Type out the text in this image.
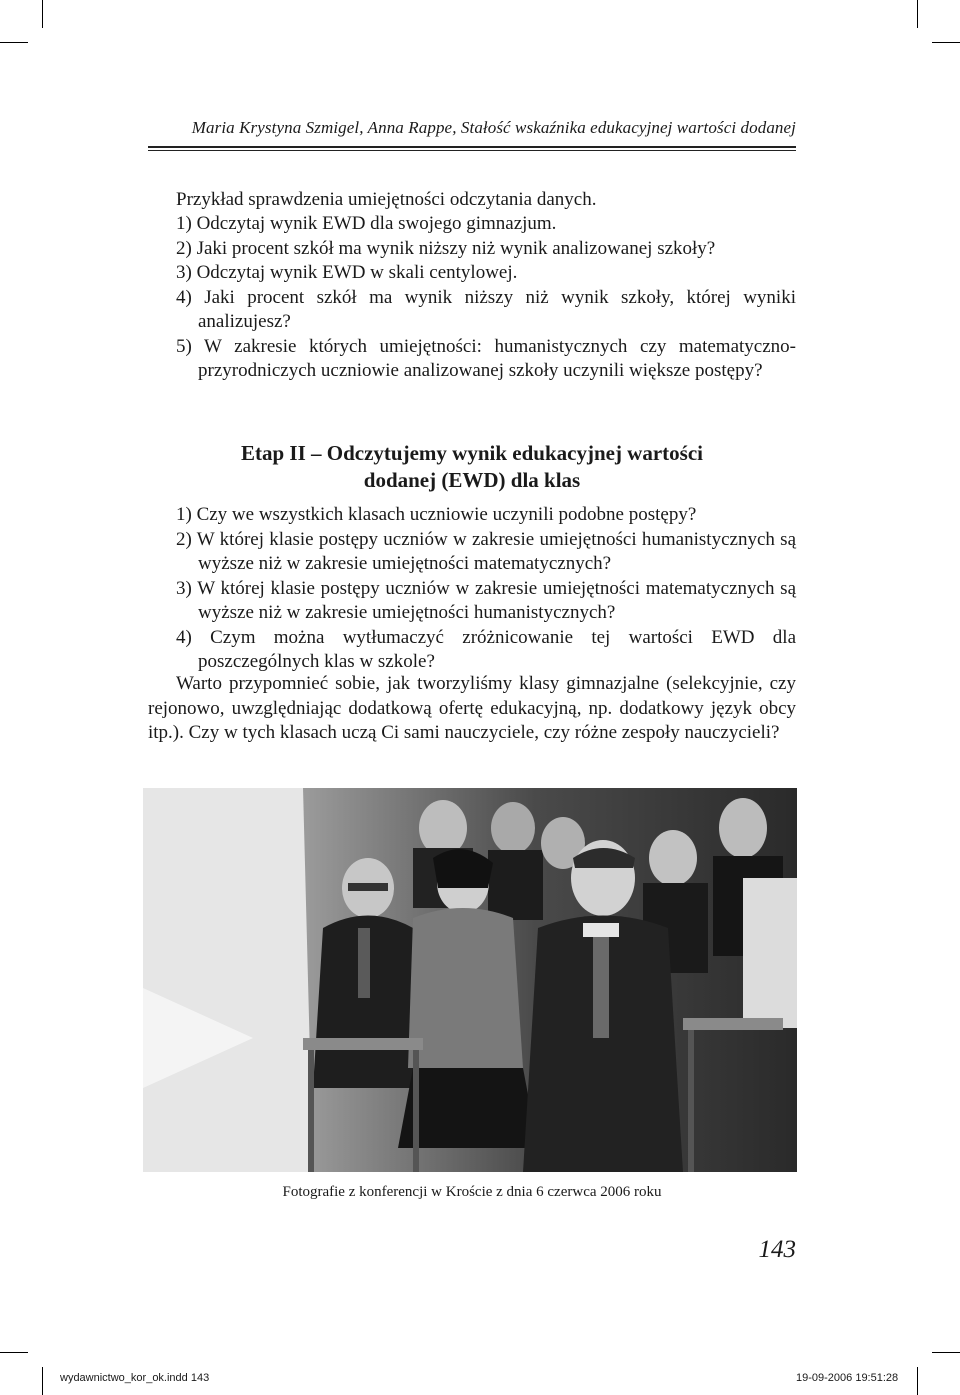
Maria Krystyna Szmigel, Anna Rappe, Stałość wskaźnika edukacyjnej wartości dodanej
Przykład sprawdzenia umiejętności odczytania danych.
1) Odczytaj wynik EWD dla swojego gimnazjum.
2) Jaki procent szkół ma wynik niższy niż wynik analizowanej szkoły?
3) Odczytaj wynik EWD w skali centylowej.
4) Jaki procent szkół ma wynik niższy niż wynik szkoły, której wyniki analizujesz?
5) W zakresie których umiejętności: humanistycznych czy matematyczno-przyrodniczych uczniowie analizowanej szkoły uczynili większe postępy?
Etap II – Odczytujemy wynik edukacyjnej wartości
dodanej (EWD) dla klas
1) Czy we wszystkich klasach uczniowie uczynili podobne postępy?
2) W której klasie postępy uczniów w zakresie umiejętności humanistycznych są wyższe niż w zakresie umiejętności matematycznych?
3) W której klasie postępy uczniów w zakresie umiejętności matematycznych są wyższe niż w zakresie umiejętności humanistycznych?
4) Czym można wytłumaczyć zróżnicowanie tej wartości EWD dla poszczególnych klas w szkole?
Warto przypomnieć sobie, jak tworzyliśmy klasy gimnazjalne (selekcyjnie, czy rejonowo, uwzględniając dodatkową ofertę edukacyjną, np. dodatkowy język obcy itp.). Czy w tych klasach uczą Ci sami nauczyciele, czy różne zespoły nauczycieli?
Fotografie z konferencji w Kroście z dnia 6 czerwca 2006 roku
143
wydawnictwo_kor_ok.indd 143	19-09-2006 19:51:28
